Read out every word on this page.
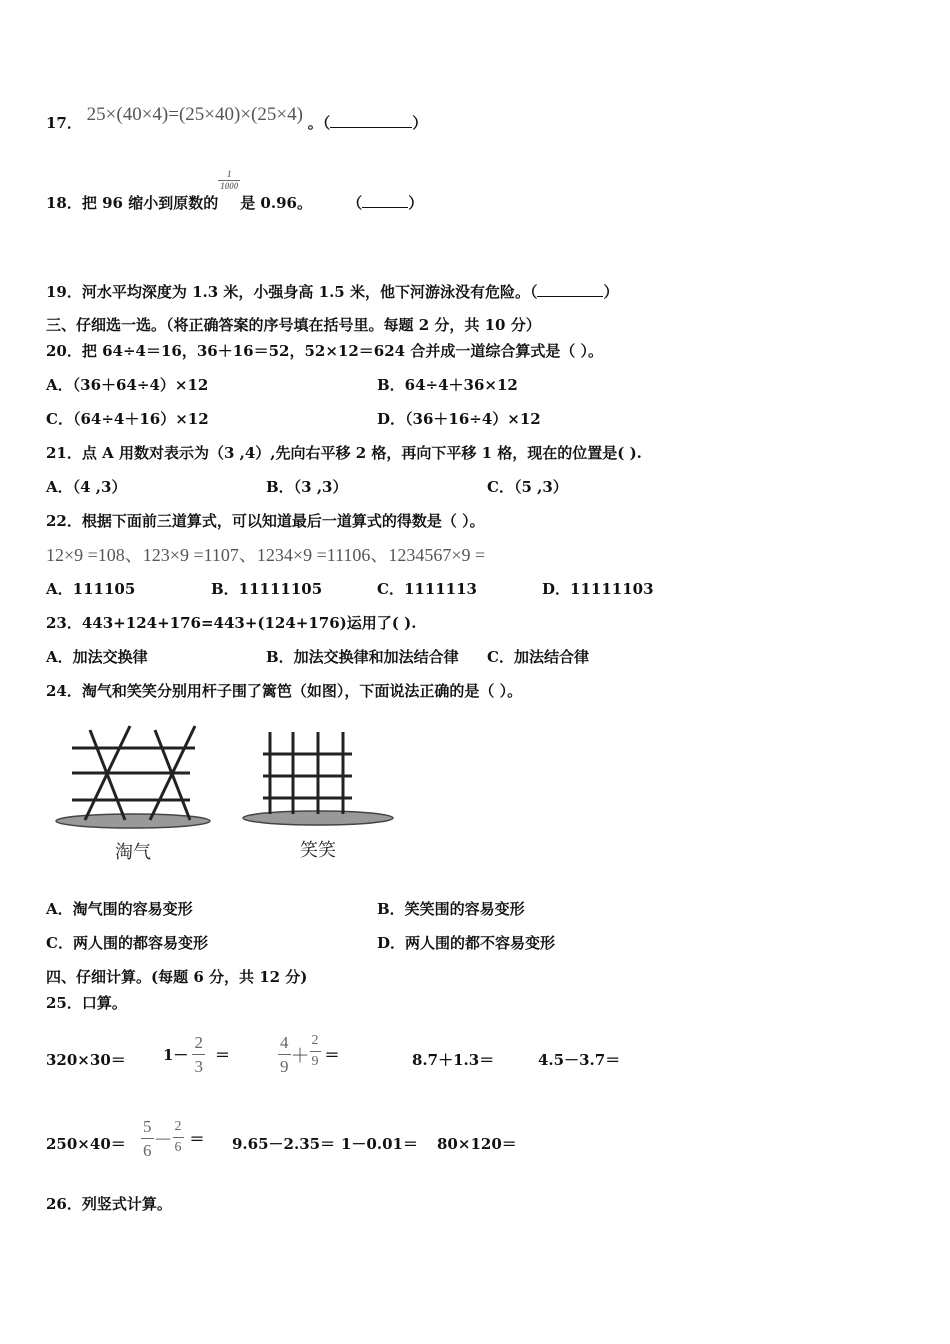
17． 25×(40×4)=(25×40)×(25×4) 。（	）
18．把 96 缩小到原数的
$\frac{1}{1000}$
是 0.96。 （	）
19．河水平均深度为 1.3 米，小强身高 1.5 米，他下河游泳没有危险。（	）
三、仔细选一选。（将正确答案的序号填在括号里。每题 2 分，共 10 分）
20．把 64÷4＝16，36＋16＝52，52×12＝624 合并成一道综合算式是（ ）。
A．（36＋64÷4）×12	B．64÷4＋36×12
C．（64÷4＋16）×12	D．（36＋16÷4）×12
21．点 A 用数对表示为（3 ,4）,先向右平移 2 格，再向下平移 1 格，现在的位置是( ).
A．（4 ,3）	B．（3 ,3）	C．（5 ,3）
22．根据下面前三道算式，可以知道最后一道算式的得数是（ ）。
12×9 =108、123×9 =1107、1234×9 =11106、1234567×9 =
A．111105	B．11111105	C．1111113	D．11111103
23．443+124+176=443+(124+176)运用了( ).
A．加法交换律	B．加法交换律和加法结合律 C．加法结合律
24．淘气和笑笑分别用杆子围了篱笆（如图），下面说法正确的是（ ）。
淘气	笑笑
A．淘气围的容易变形	B．笑笑围的容易变形
C．两人围的都容易变形	D．两人围的都不容易变形
四、仔细计算。(每题 6 分，共 12 分)
25．口算。
$320\times 30= 1- \frac{2}{3}$ ＝	$\frac{4}{9} + \frac{2}{9}$ ＝	8.7＋1.3＝	4.5－3.7＝
$250\times 40= \frac{5}{6} - \frac{2}{6} = 9.65-2.35= 1-0.01= 80\times 120=$
26．列竖式计算。
